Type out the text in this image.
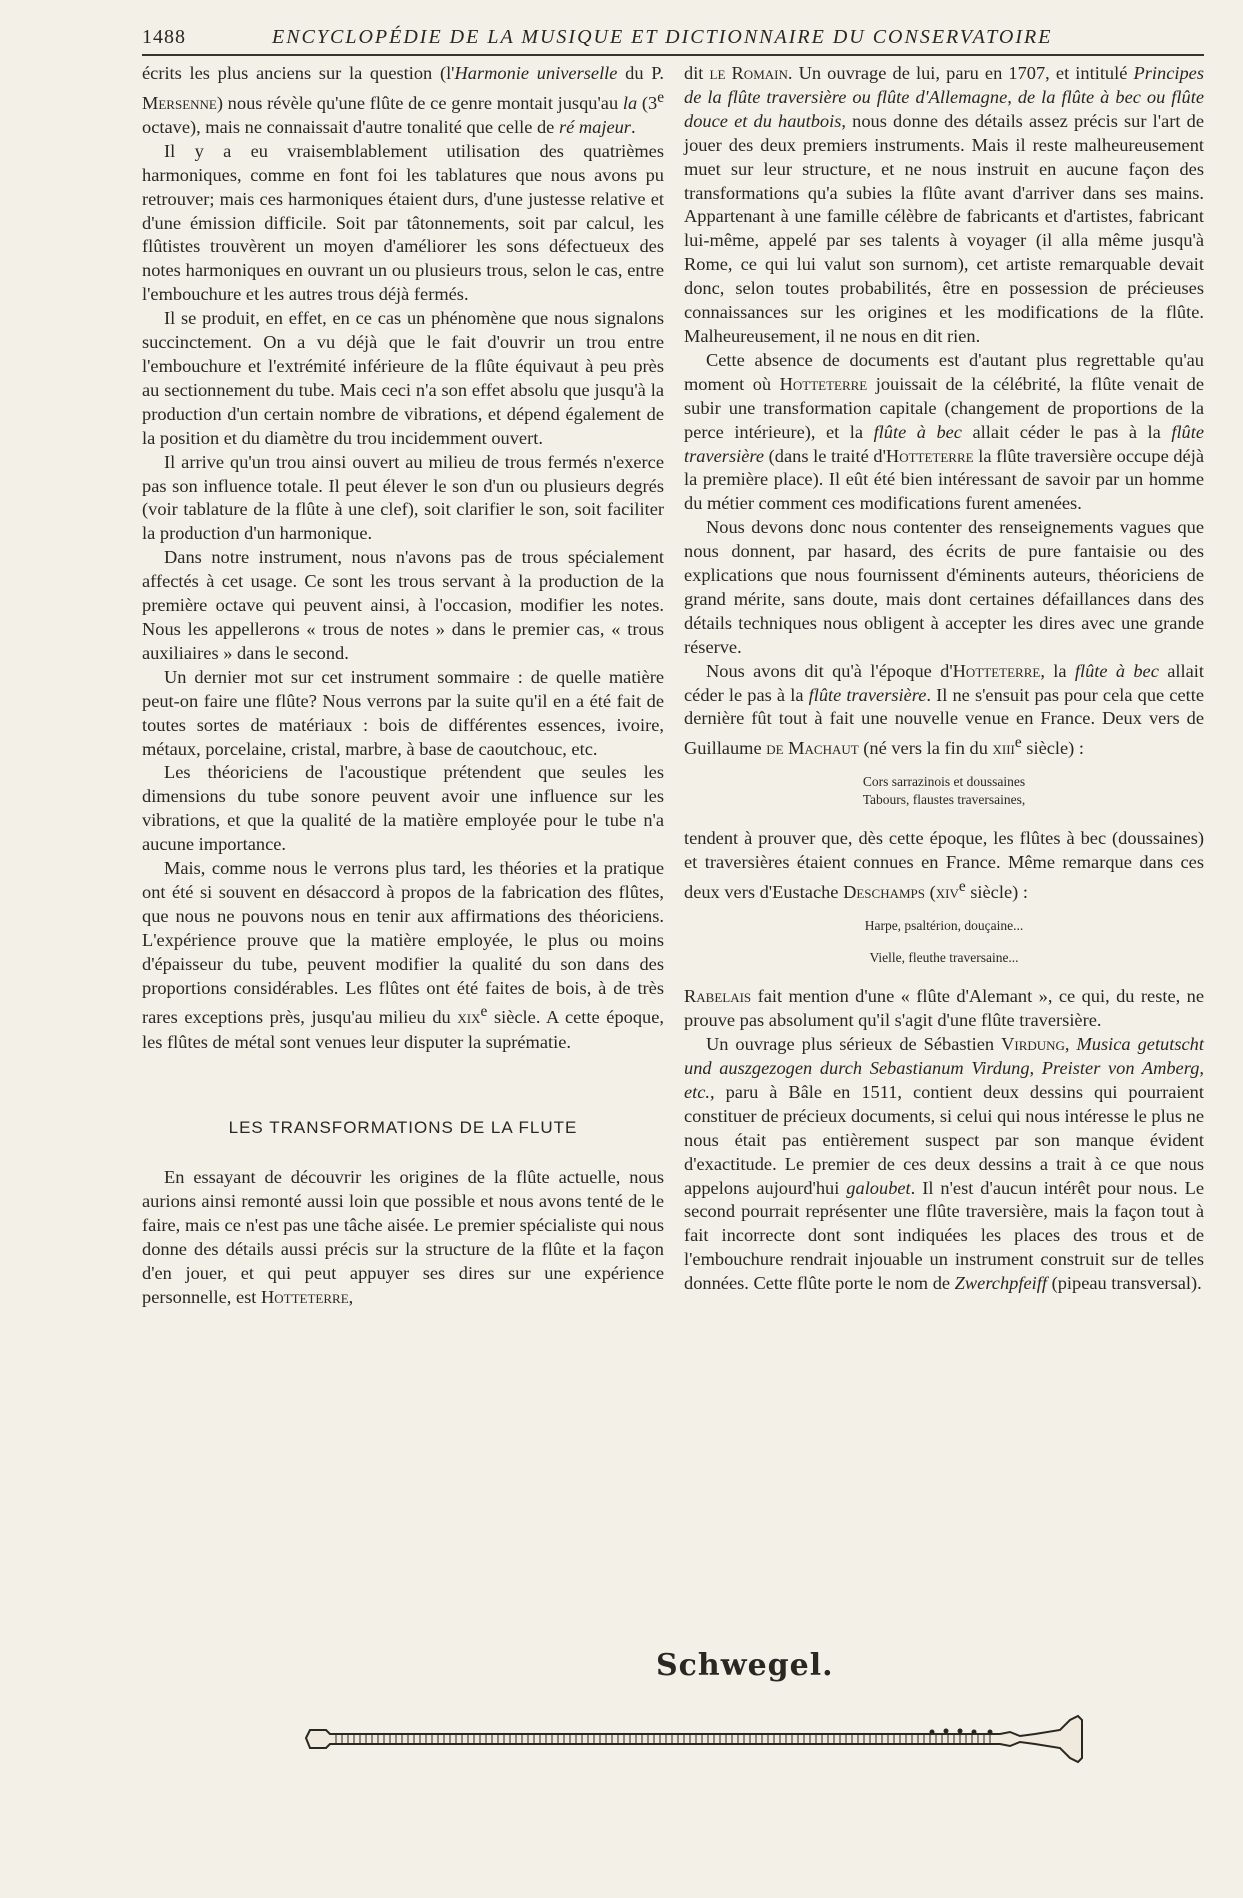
1488	ENCYCLOPÉDIE DE LA MUSIQUE ET DICTIONNAIRE DU CONSERVATOIRE

écrits les plus anciens sur la question (l'Harmonie universelle du P. Mersenne) nous révèle qu'une flûte de ce genre montait jusqu'au la (3e octave), mais ne connaissait d'autre tonalité que celle de ré majeur.

Il y a eu vraisemblablement utilisation des quatrièmes harmoniques, comme en font foi les tablatures que nous avons pu retrouver; mais ces harmoniques étaient durs, d'une justesse relative et d'une émission difficile. Soit par tâtonnements, soit par calcul, les flûtistes trouvèrent un moyen d'améliorer les sons défectueux des notes harmoniques en ouvrant un ou plusieurs trous, selon le cas, entre l'embouchure et les autres trous déjà fermés.

Il se produit, en effet, en ce cas un phénomène que nous signalons succinctement. On a vu déjà que le fait d'ouvrir un trou entre l'embouchure et l'extrémité inférieure de la flûte équivaut à peu près au sectionnement du tube. Mais ceci n'a son effet absolu que jusqu'à la production d'un certain nombre de vibrations, et dépend également de la position et du diamètre du trou incidemment ouvert.

Il arrive qu'un trou ainsi ouvert au milieu de trous fermés n'exerce pas son influence totale. Il peut élever le son d'un ou plusieurs degrés (voir tablature de la flûte à une clef), soit clarifier le son, soit faciliter la production d'un harmonique.

Dans notre instrument, nous n'avons pas de trous spécialement affectés à cet usage. Ce sont les trous servant à la production de la première octave qui peuvent ainsi, à l'occasion, modifier les notes. Nous les appellerons « trous de notes » dans le premier cas, « trous auxiliaires » dans le second.

Un dernier mot sur cet instrument sommaire : de quelle matière peut-on faire une flûte? Nous verrons par la suite qu'il en a été fait de toutes sortes de matériaux : bois de différentes essences, ivoire, métaux, porcelaine, cristal, marbre, à base de caoutchouc, etc.

Les théoriciens de l'acoustique prétendent que seules les dimensions du tube sonore peuvent avoir une influence sur les vibrations, et que la qualité de la matière employée pour le tube n'a aucune importance.

Mais, comme nous le verrons plus tard, les théories et la pratique ont été si souvent en désaccord à propos de la fabrication des flûtes, que nous ne pouvons nous en tenir aux affirmations des théoriciens. L'expérience prouve que la matière employée, le plus ou moins d'épaisseur du tube, peuvent modifier la qualité du son dans des proportions considérables. Les flûtes ont été faites de bois, à de très rares exceptions près, jusqu'au milieu du xix$^e$ siècle. A cette époque, les flûtes de métal sont venues leur disputer la suprématie.

LES TRANSFORMATIONS DE LA FLUTE

En essayant de découvrir les origines de la flûte actuelle, nous aurions ainsi remonté aussi loin que possible et nous avons tenté de le faire, mais ce n'est pas une tâche aisée. Le premier spécialiste qui nous donne des détails aussi précis sur la structure de la flûte et la façon d'en jouer, et qui peut appuyer ses dires sur une expérience personnelle, est Hotteterre,

dit le Romain. Un ouvrage de lui, paru en 1707, et intitulé Principes de la flûte traversière ou flûte d'Allemagne, de la flûte à bec ou flûte douce et du hautbois, nous donne des détails assez précis sur l'art de jouer des deux premiers instruments. Mais il reste malheureusement muet sur leur structure, et ne nous instruit en aucune façon des transformations qu'a subies la flûte avant d'arriver dans ses mains. Appartenant à une famille célèbre de fabricants et d'artistes, fabricant lui-même, appelé par ses talents à voyager (il alla même jusqu'à Rome, ce qui lui valut son surnom), cet artiste remarquable devait donc, selon toutes probabilités, être en possession de précieuses connaissances sur les origines et les modifications de la flûte. Malheureusement, il ne nous en dit rien.

Cette absence de documents est d'autant plus regrettable qu'au moment où Hotteterre jouissait de la célébrité, la flûte venait de subir une transformation capitale (changement de proportions de la perce intérieure), et la flûte à bec allait céder le pas à la flûte traversière (dans le traité d'Hotteterre la flûte traversière occupe déjà la première place). Il eût été bien intéressant de savoir par un homme du métier comment ces modifications furent amenées.

Nous devons donc nous contenter des renseignements vagues que nous donnent, par hasard, des écrits de pure fantaisie ou des explications que nous fournissent d'éminents auteurs, théoriciens de grand mérite, sans doute, mais dont certaines défaillances dans des détails techniques nous obligent à accepter les dires avec une grande réserve.

Nous avons dit qu'à l'époque d'Hotteterre, la flûte à bec allait céder le pas à la flûte traversière. Il ne s'ensuit pas pour cela que cette dernière fût tout à fait une nouvelle venue en France. Deux vers de Guillaume de Machaut (né vers la fin du xiii$^e$ siècle) :

Cors sarrazinois et doussaines
Tabours, flaustes traversaines,

tendent à prouver que, dès cette époque, les flûtes à bec (doussaines) et traversières étaient connues en France. Même remarque dans ces deux vers d'Eustache Deschamps (xiv$^e$ siècle) :

Harpe, psaltérion, douçaine...
Vielle, fleuthe traversaine...

Rabelais fait mention d'une « flûte d'Alemant », ce qui, du reste, ne prouve pas absolument qu'il s'agit d'une flûte traversière.

Un ouvrage plus sérieux de Sébastien Virdung, Musica getutscht und auszgezogen durch Sebastianum Virdung, Preister von Amberg, etc., paru à Bâle en 1511, contient deux dessins qui pourraient constituer de précieux documents, si celui qui nous intéresse le plus ne nous était pas entièrement suspect par son manque évident d'exactitude. Le premier de ces deux dessins a trait à ce que nous appelons aujourd'hui galoubet. Il n'est d'aucun intérêt pour nous. Le second pourrait représenter une flûte traversière, mais la façon tout à fait incorrecte dont sont indiquées les places des trous et de l'embouchure rendrait injouable un instrument construit sur de telles données. Cette flûte porte le nom de Zwerchpfeiff (pipeau transversal).

Schwegel.
